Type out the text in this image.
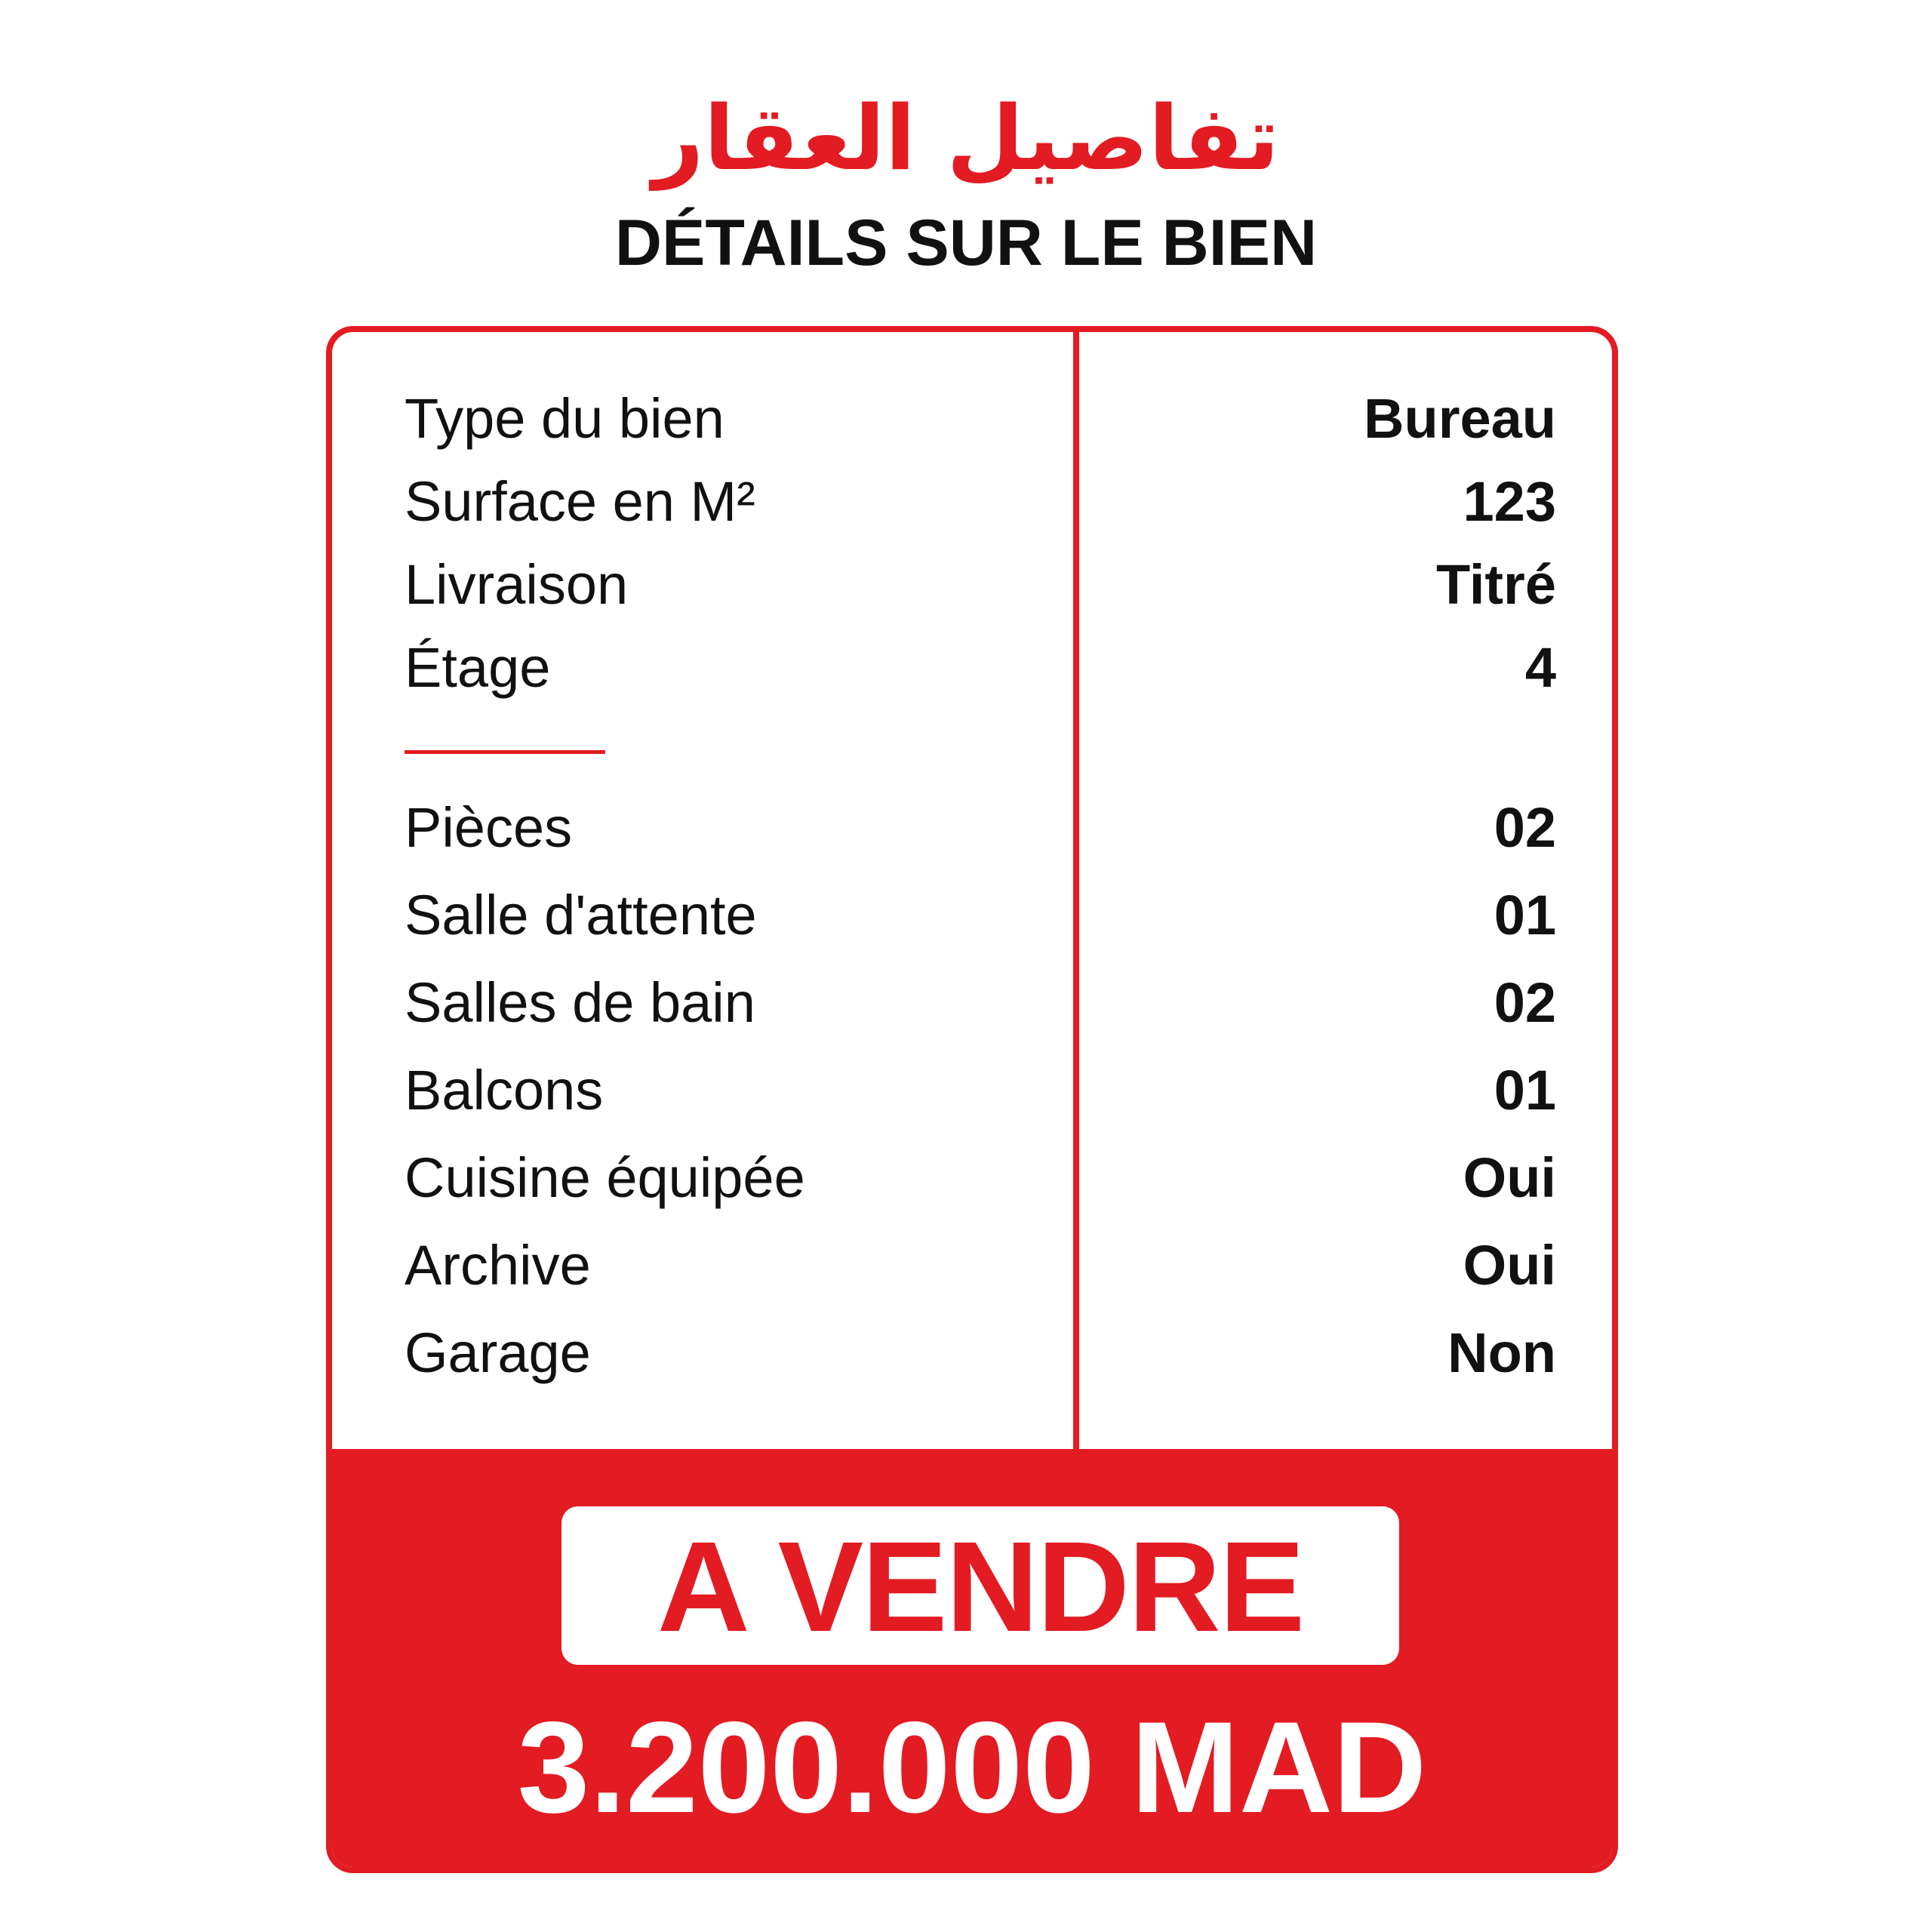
تفاصيل العقار
DÉTAILS SUR LE BIEN
Type du bien	Bureau
Surface en M²	123
Livraison	Titré
Étage	4
Pièces	02
Salle d'attente	01
Salles de bain	02
Balcons	01
Cuisine équipée	Oui
Archive	Oui
Garage	Non
A VENDRE
3.200.000 MAD
